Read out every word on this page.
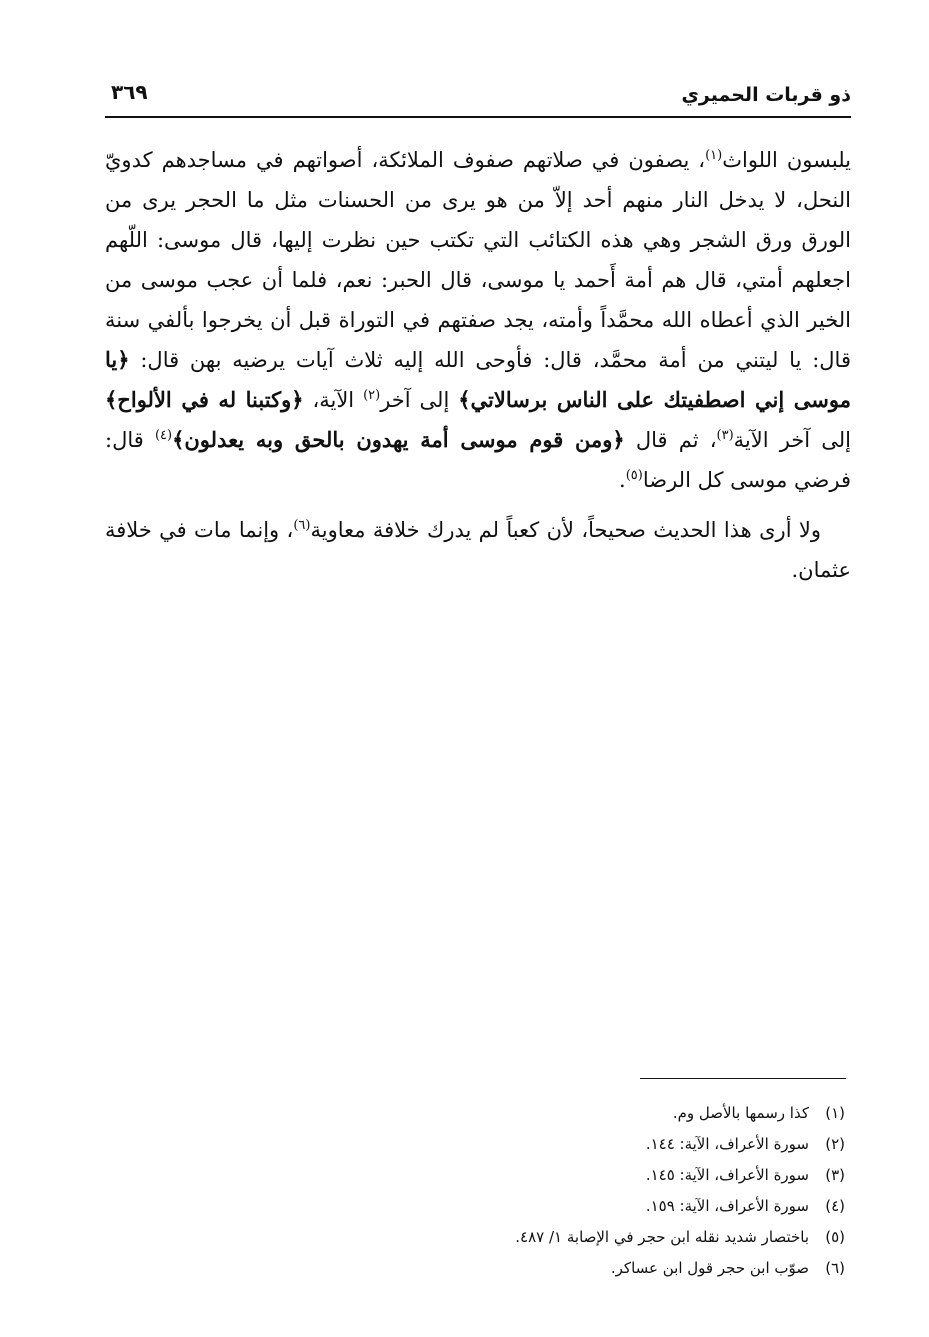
ذو قربات الحميري
٣٦٩

يلبسون اللواث$^{(١)}$، يصفون في صلاتهم صفوف الملائكة، أصواتهم في مساجدهم كدويّ النحل، لا يدخل النار منهم أحد إلاّ من هو يرى من الحسنات مثل ما الحجر يرى من الورق ورق الشجر وهي هذه الكتائب التي تكتب حين نظرت إليها، قال موسى: اللّهم اجعلهم أمتي، قال هم أمة أَحمد يا موسى، قال الحبر: نعم، فلما أن عجب موسى من الخير الذي أعطاه الله محمَّداً وأمته، يجد صفتهم في التوراة قبل أن يخرجوا بألفي سنة قال: يا ليتني من أمة محمَّد، قال: فأوحى الله إليه ثلاث آيات يرضيه بهن قال: ﴿يا موسى إني اصطفيتك على الناس برسالاتي﴾ إلى آخر$^{(٢)}$ الآية، ﴿وكتبنا له في الألواح﴾ إلى آخر الآية$^{(٣)}$، ثم قال ﴿ومن قوم موسى أمة يهدون بالحق وبه يعدلون﴾$^{(٤)}$ قال: فرضي موسى كل الرضا$^{(٥)}$.

ولا أرى هذا الحديث صحيحاً، لأن كعباً لم يدرك خلافة معاوية$^{(٦)}$، وإنما مات في خلافة عثمان.

(١)
كذا رسمها بالأصل وم.
(٢)
سورة الأعراف، الآية: ١٤٤.
(٣)
سورة الأعراف، الآية: ١٤٥.
(٤)
سورة الأعراف، الآية: ١٥٩.
(٥)
باختصار شديد نقله ابن حجر في الإصابة ١/ ٤٨٧.
(٦)
صوّب ابن حجر قول ابن عساكر.
